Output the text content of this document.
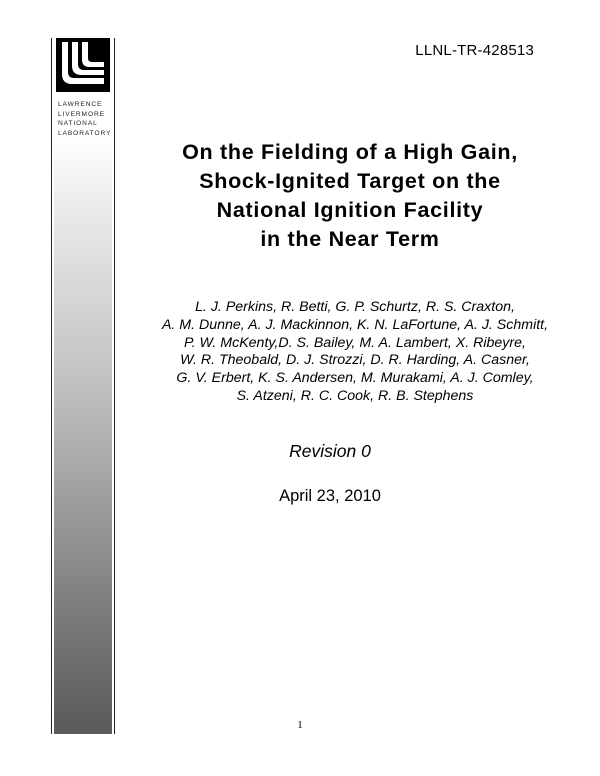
LAWRENCE
LIVERMORE
NATIONAL
LABORATORY
LLNL-TR-428513
On the Fielding of a High Gain,
Shock-Ignited Target on the
National Ignition Facility
in the Near Term
L. J. Perkins, R. Betti, G. P. Schurtz, R. S. Craxton,
A. M. Dunne, A. J. Mackinnon, K. N. LaFortune, A. J. Schmitt,
P. W. McKenty,D. S. Bailey, M. A. Lambert, X. Ribeyre,
W. R. Theobald, D. J. Strozzi, D. R. Harding, A. Casner,
G. V. Erbert, K. S. Andersen, M. Murakami, A. J. Comley,
S. Atzeni, R. C. Cook, R. B. Stephens
Revision 0
April 23, 2010
1
